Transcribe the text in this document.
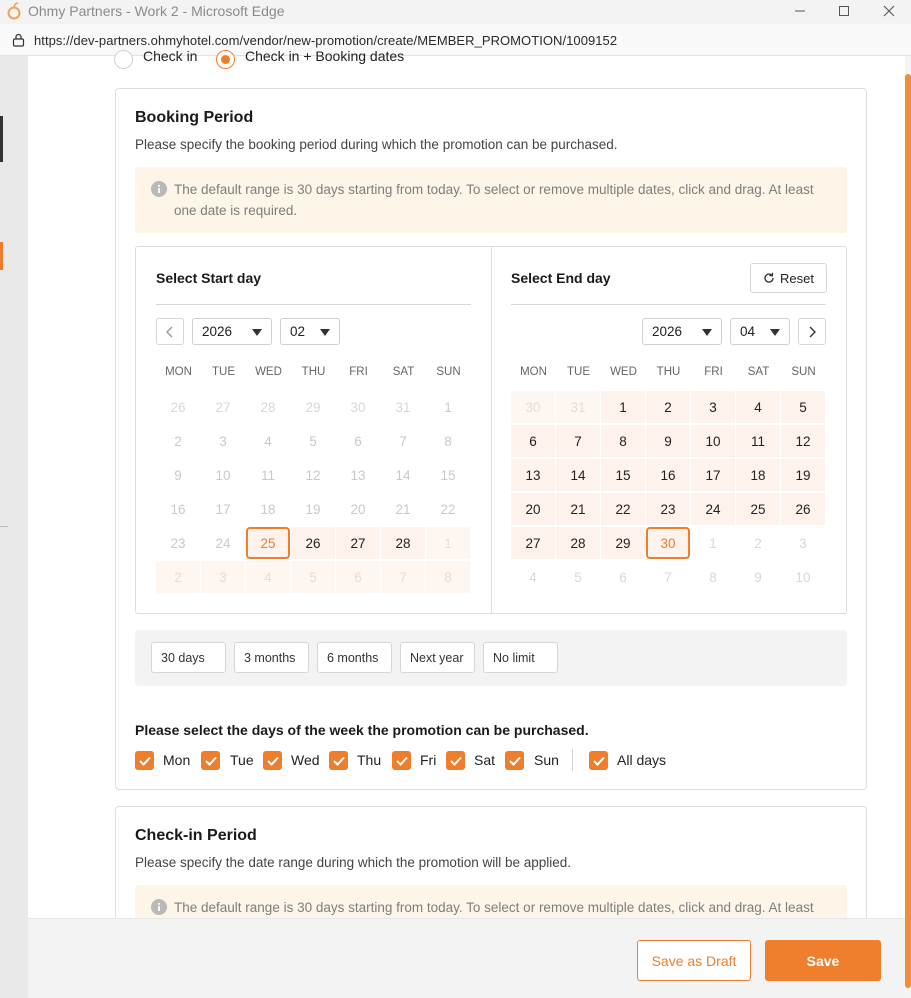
Ohmy Partners - Work 2 - Microsoft Edge
https://dev-partners.ohmyhotel.com/vendor/new-promotion/create/MEMBER_PROMOTION/1009152
Check in	Check in + Booking dates
Booking Period
Please specify the booking period during which the promotion can be purchased.
The default range is 30 days starting from today. To select or remove multiple dates, click and drag. At least one date is required.
Select Start day
2026	02
MON	TUE	WED	THU	FRI	SAT	SUN
26	27	28	29	30	31	1
2	3	4	5	6	7	8
9	10	11	12	13	14	15
16	17	18	19	20	21	22
23	24	25	26	27	28	1
2	3	4	5	6	7	8
Select End day	Reset
2026	04
MON	TUE	WED	THU	FRI	SAT	SUN
30	31	1	2	3	4	5
6	7	8	9	10	11	12
13	14	15	16	17	18	19
20	21	22	23	24	25	26
27	28	29	30	1	2	3
4	5	6	7	8	9	10
30 days	3 months	6 months	Next year	No limit
Please select the days of the week the promotion can be purchased.
Mon	Tue	Wed	Thu	Fri	Sat	Sun	All days
Check-in Period
Please specify the date range during which the promotion will be applied.
The default range is 30 days starting from today. To select or remove multiple dates, click and drag. At least
Save as Draft	Save
